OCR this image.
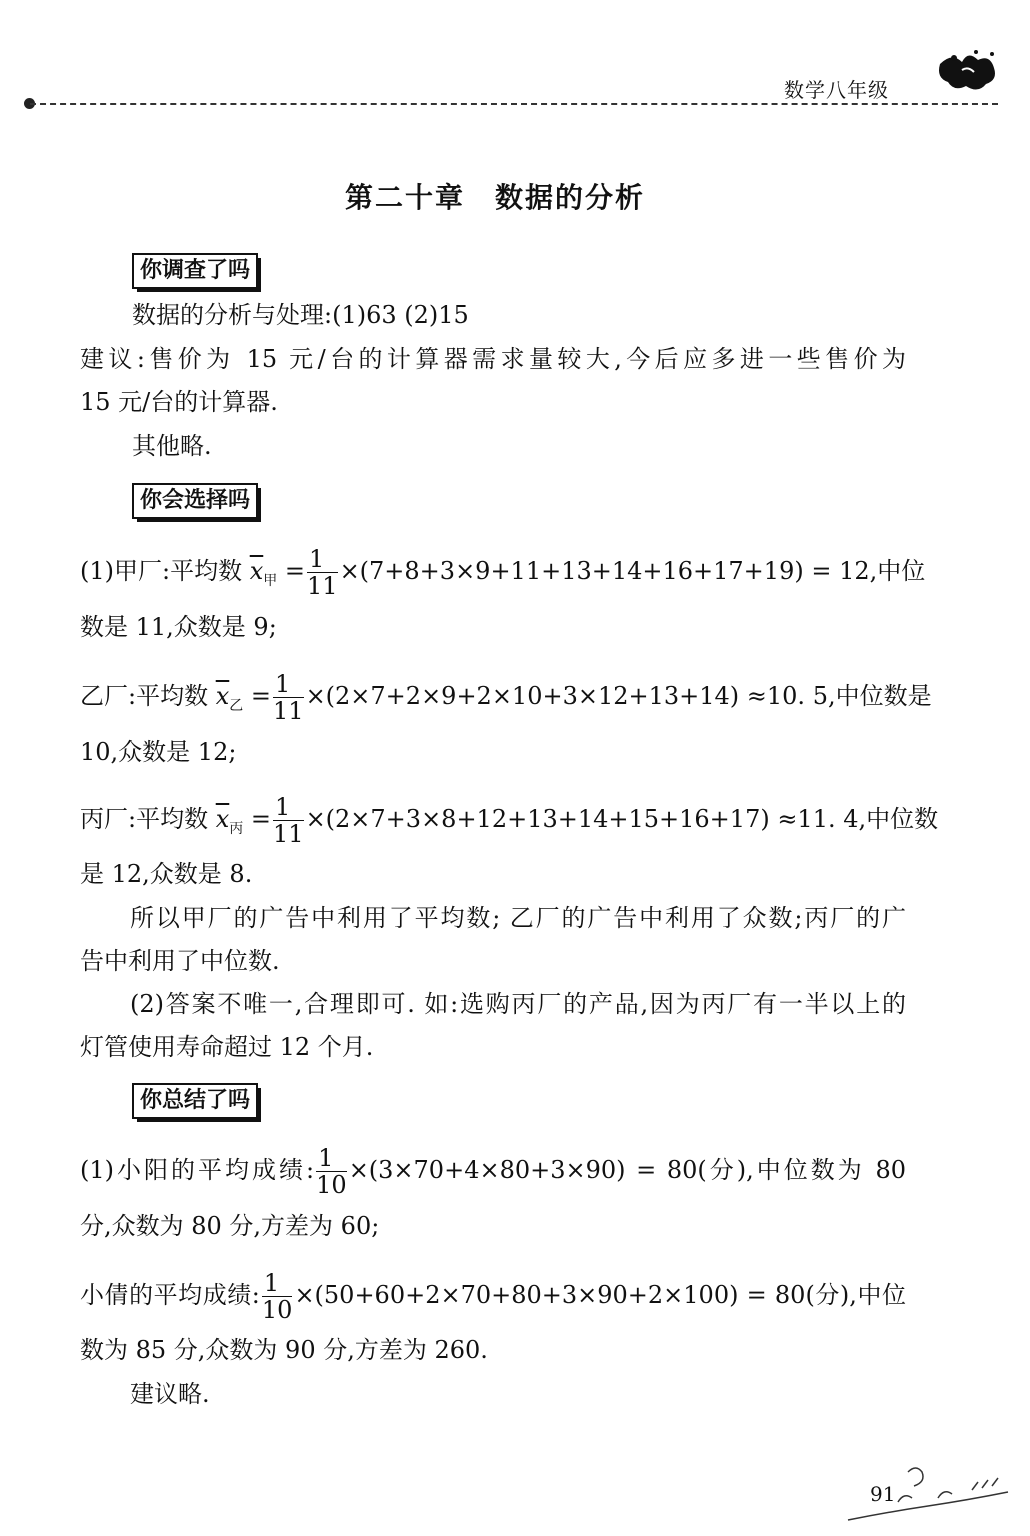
数学八年级
第二十章 数据的分析
你调查了吗
数据的分析与处理:(1)63 (2)15
建议:售价为 15 元/台的计算器需求量较大,今后应多进一些售价为
15 元/台的计算器.
其他略.
你会选择吗
(1)甲厂:平均数 $\overline{x}_甲 = \frac{1}{11} \times(7+8+3\times 9+11+13+14+16+17+19) = 12$,中位
数是 11,众数是 9;
乙厂:平均数 $\overline{x}_乙 = \frac{1}{11} \times(2\times 7+2\times 9+2\times 10+3\times 12+13+14) \approx 10$. 5,中位数是
10,众数是 12;
丙厂:平均数 $\overline{x}_丙 = \frac{1}{11} \times(2\times 7+3\times 8+12+13+14+15+16+17) \approx 11$. 4,中位数
是 12,众数是 8.
所以甲厂的广告中利用了平均数; 乙厂的广告中利用了众数;丙厂的广
告中利用了中位数.
(2)答案不唯一,合理即可. 如:选购丙厂的产品,因为丙厂有一半以上的
灯管使用寿命超过 12 个月.
你总结了吗
(1)小阳的平均成绩: $\frac{1}{10} \times(3\times 70+4\times 80+3\times 90) = 80$(分),中位数为 80
分,众数为 80 分,方差为 60;
小倩的平均成绩: $\frac{1}{10} \times(50+60+2\times 70+80+3\times 90+2\times 100) = 80$(分),中位
数为 85 分,众数为 90 分,方差为 260.
建议略.
91
